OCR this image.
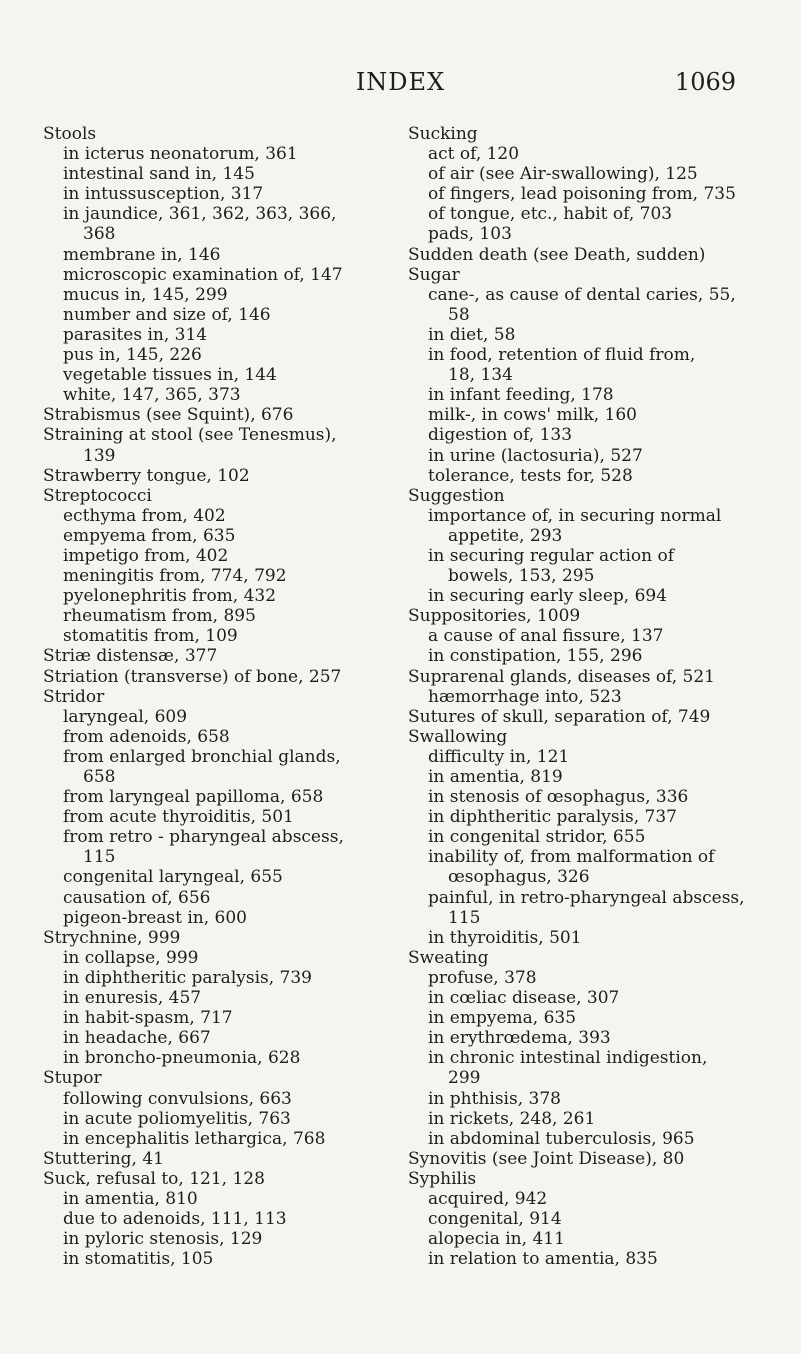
INDEX	1069
Stools
in icterus neonatorum, 361
intestinal sand in, 145
in intussusception, 317
in jaundice, 361, 362, 363, 366,
368
membrane in, 146
microscopic examination of, 147
mucus in, 145, 299
number and size of, 146
parasites in, 314
pus in, 145, 226
vegetable tissues in, 144
white, 147, 365, 373
Strabismus (see Squint), 676
Straining at stool (see Tenesmus),
139
Strawberry tongue, 102
Streptococci
ecthyma from, 402
empyema from, 635
impetigo from, 402
meningitis from, 774, 792
pyelonephritis from, 432
rheumatism from, 895
stomatitis from, 109
Striæ distensæ, 377
Striation (transverse) of bone, 257
Stridor
laryngeal, 609
from adenoids, 658
from enlarged bronchial glands,
658
from laryngeal papilloma, 658
from acute thyroiditis, 501
from retro - pharyngeal abscess,
115
congenital laryngeal, 655
causation of, 656
pigeon-breast in, 600
Strychnine, 999
in collapse, 999
in diphtheritic paralysis, 739
in enuresis, 457
in habit-spasm, 717
in headache, 667
in broncho-pneumonia, 628
Stupor
following convulsions, 663
in acute poliomyelitis, 763
in encephalitis lethargica, 768
Stuttering, 41
Suck, refusal to, 121, 128
in amentia, 810
due to adenoids, 111, 113
in pyloric stenosis, 129
in stomatitis, 105
Sucking
act of, 120
of air (see Air-swallowing), 125
of fingers, lead poisoning from, 735
of tongue, etc., habit of, 703
pads, 103
Sudden death (see Death, sudden)
Sugar
cane-, as cause of dental caries, 55,
58
in diet, 58
in food, retention of fluid from,
18, 134
in infant feeding, 178
milk-, in cows' milk, 160
digestion of, 133
in urine (lactosuria), 527
tolerance, tests for, 528
Suggestion
importance of, in securing normal
appetite, 293
in securing regular action of
bowels, 153, 295
in securing early sleep, 694
Suppositories, 1009
a cause of anal fissure, 137
in constipation, 155, 296
Suprarenal glands, diseases of, 521
hæmorrhage into, 523
Sutures of skull, separation of, 749
Swallowing
difficulty in, 121
in amentia, 819
in stenosis of œsophagus, 336
in diphtheritic paralysis, 737
in congenital stridor, 655
inability of, from malformation of
œsophagus, 326
painful, in retro-pharyngeal abscess,
115
in thyroiditis, 501
Sweating
profuse, 378
in cœliac disease, 307
in empyema, 635
in erythrœdema, 393
in chronic intestinal indigestion,
299
in phthisis, 378
in rickets, 248, 261
in abdominal tuberculosis, 965
Synovitis (see Joint Disease), 80
Syphilis
acquired, 942
congenital, 914
alopecia in, 411
in relation to amentia, 835
